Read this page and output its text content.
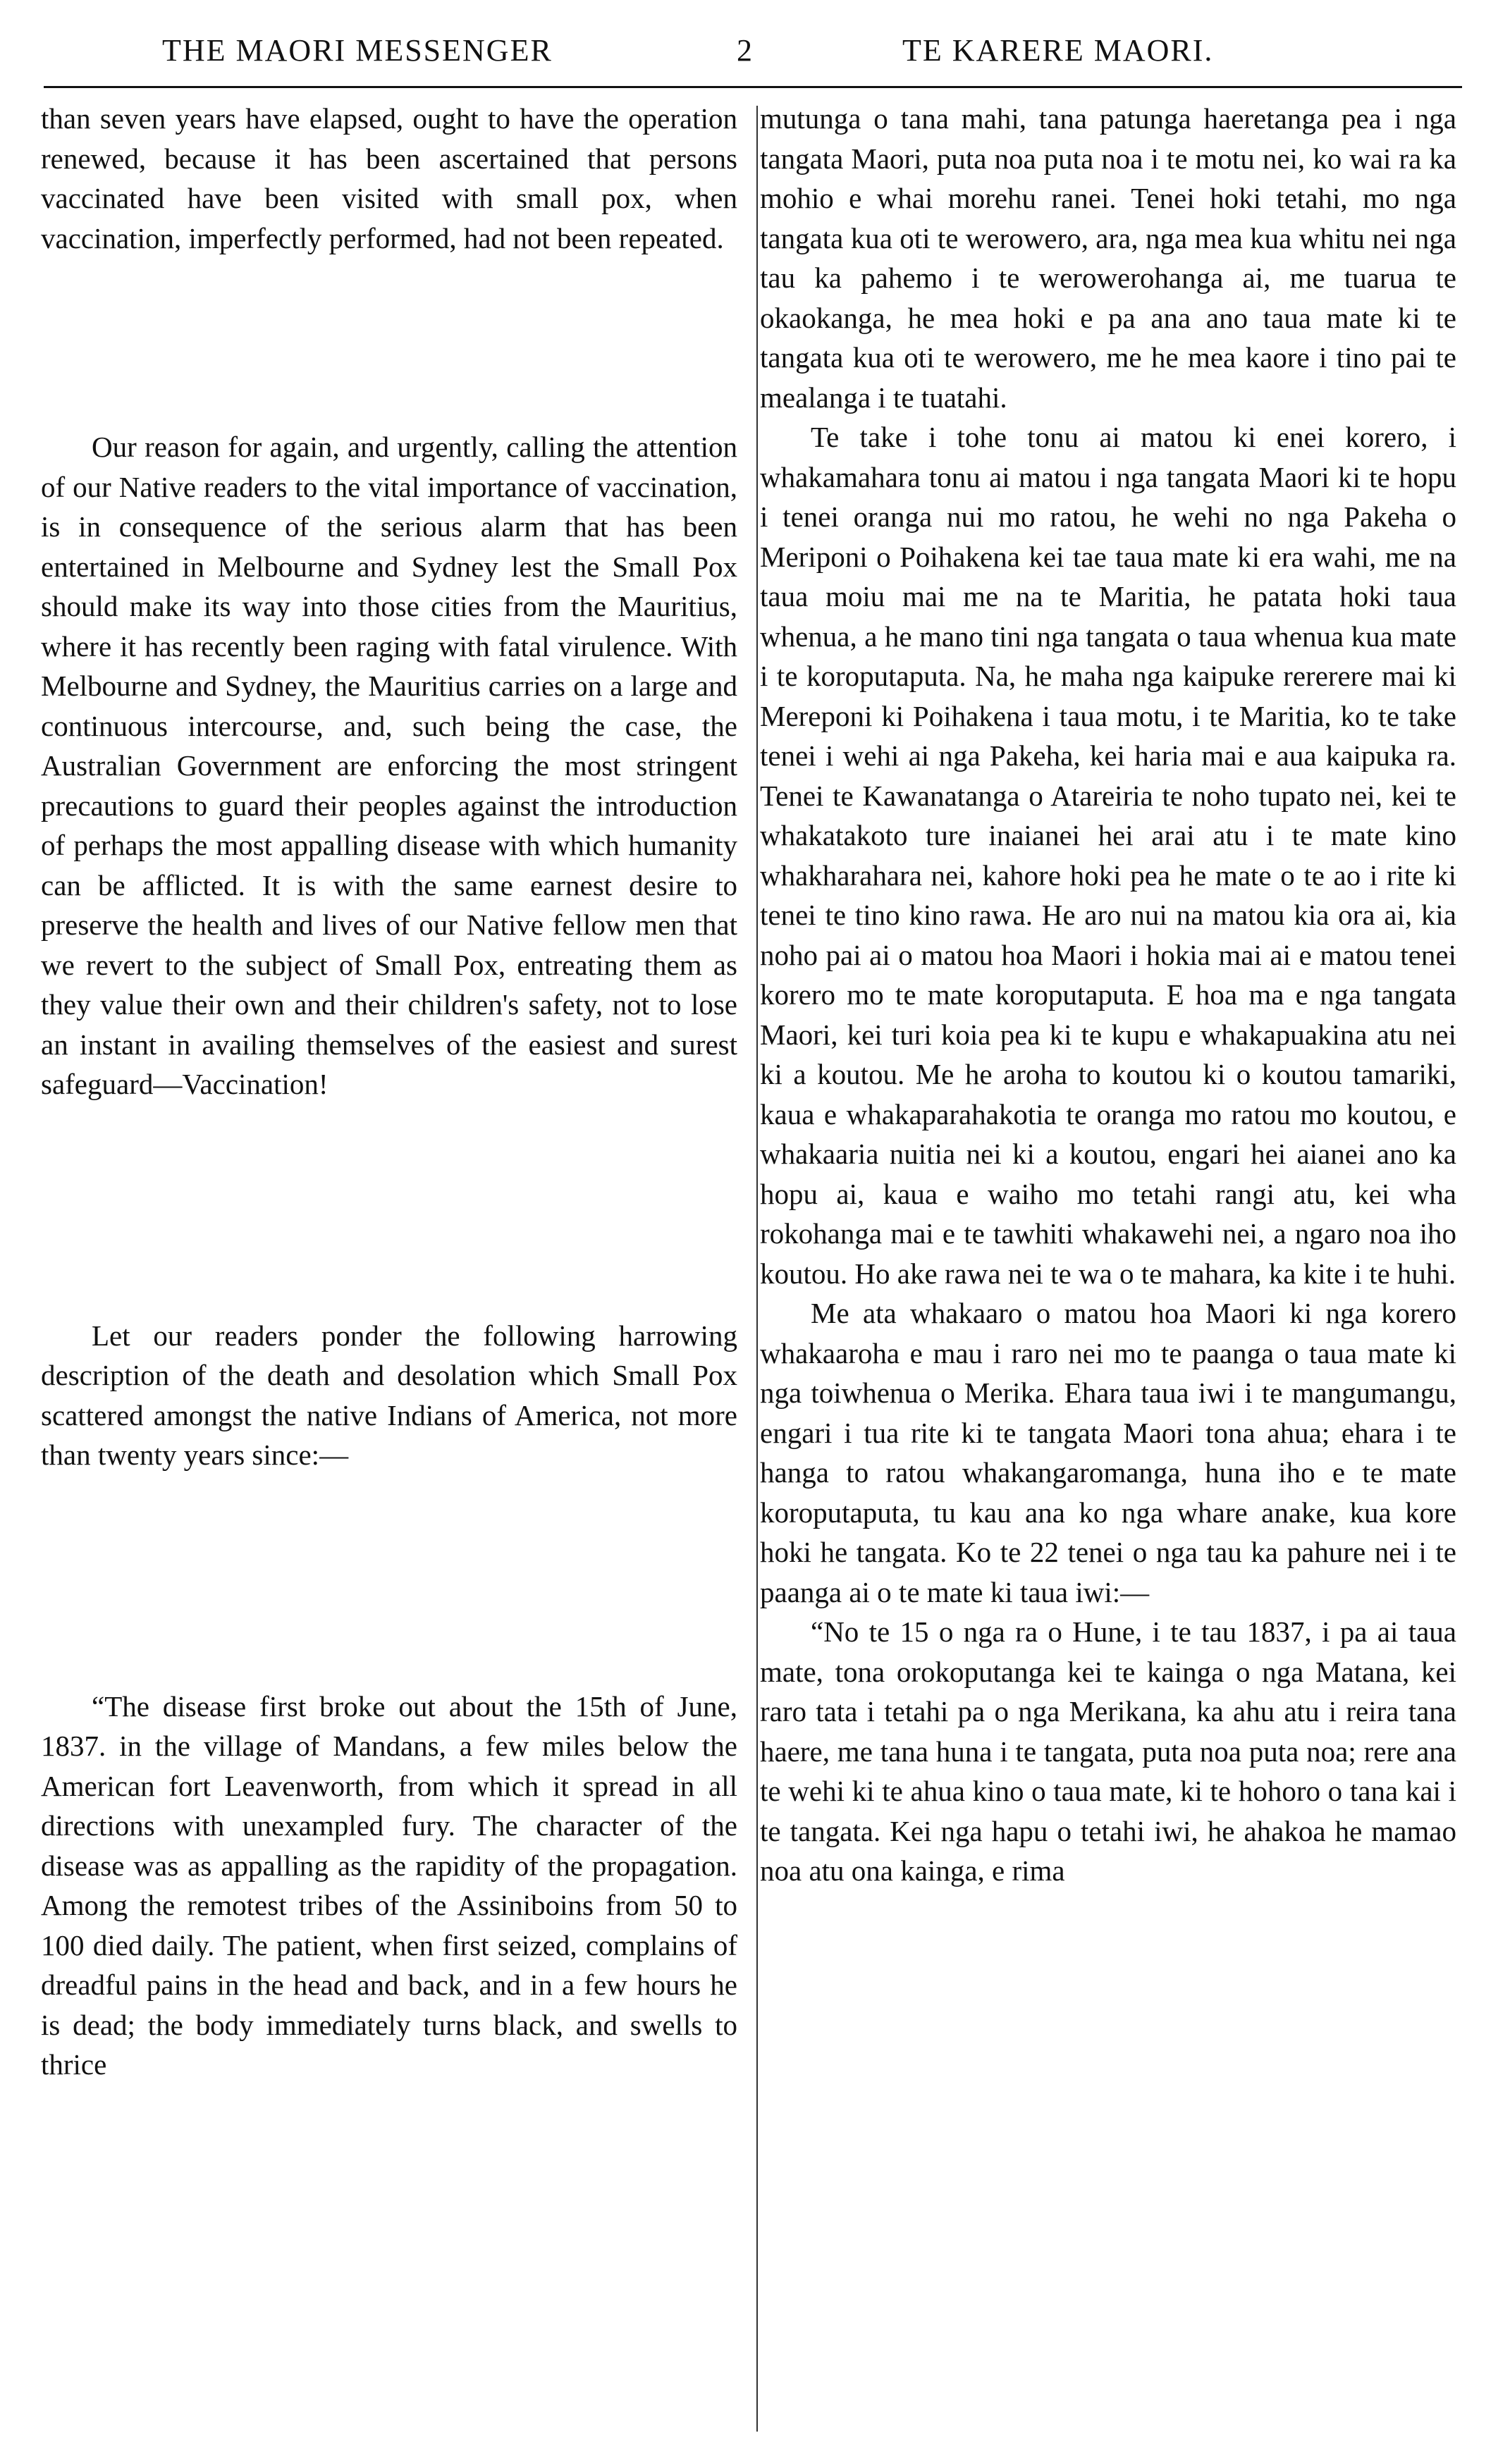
THE MAORI MESSENGER	2	TE KARERE MAORI.

than seven years have elapsed, ought to have the operation renewed, because it has been ascertained that persons vaccinated have been visited with small pox, when vaccination, imperfectly performed, had not been repeated.

Our reason for again, and urgently, calling the attention of our Native readers to the vital importance of vaccination, is in consequence of the serious alarm that has been entertained in Melbourne and Sydney lest the Small Pox should make its way into those cities from the Mauritius, where it has recently been raging with fatal virulence. With Melbourne and Sydney, the Mauritius carries on a large and continuous intercourse, and, such being the case, the Australian Government are enforcing the most stringent precautions to guard their peoples against the introduction of perhaps the most appalling disease with which humanity can be afflicted. It is with the same earnest desire to preserve the health and lives of our Native fellow men that we revert to the subject of Small Pox, entreating them as they value their own and their children's safety, not to lose an instant in availing themselves of the easiest and surest safeguard—Vaccination!

Let our readers ponder the following harrowing description of the death and desolation which Small Pox scattered amongst the native Indians of America, not more than twenty years since:—

“The disease first broke out about the 15th of June, 1837. in the village of Mandans, a few miles below the American fort Leavenworth, from which it spread in all directions with unexampled fury. The character of the disease was as appalling as the rapidity of the propagation. Among the remotest tribes of the Assiniboins from 50 to 100 died daily. The patient, when first seized, complains of dreadful pains in the head and back, and in a few hours he is dead; the body immediately turns black, and swells to thrice

mutunga o tana mahi, tana patunga haeretanga pea i nga tangata Maori, puta noa puta noa i te motu nei, ko wai ra ka mohio e whai morehu ranei. Tenei hoki tetahi, mo nga tangata kua oti te werowero, ara, nga mea kua whitu nei nga tau ka pahemo i te werowerohanga ai, me tuarua te okaokanga, he mea hoki e pa ana ano taua mate ki te tangata kua oti te werowero, me he mea kaore i tino pai te mealanga i te tuatahi.

Te take i tohe tonu ai matou ki enei korero, i whakamahara tonu ai matou i nga tangata Maori ki te hopu i tenei oranga nui mo ratou, he wehi no nga Pakeha o Meriponi o Poihakena kei tae taua mate ki era wahi, me na taua moiu mai me na te Maritia, he patata hoki taua whenua, a he mano tini nga tangata o taua whenua kua mate i te koroputaputa. Na, he maha nga kaipuke rererere mai ki Mereponi ki Poihakena i taua motu, i te Maritia, ko te take tenei i wehi ai nga Pakeha, kei haria mai e aua kaipuka ra. Tenei te Kawanatanga o Atareiria te noho tupato nei, kei te whakatakoto ture inaianei hei arai atu i te mate kino whakharahara nei, kahore hoki pea he mate o te ao i rite ki tenei te tino kino rawa. He aro nui na matou kia ora ai, kia noho pai ai o matou hoa Maori i hokia mai ai e matou tenei korero mo te mate koroputaputa. E hoa ma e nga tangata Maori, kei turi koia pea ki te kupu e whakapuakina atu nei ki a koutou. Me he aroha to koutou ki o koutou tamariki, kaua e whakaparahakotia te oranga mo ratou mo koutou, e whakaaria nuitia nei ki a koutou, engari hei aianei ano ka hopu ai, kaua e waiho mo tetahi rangi atu, kei wha rokohanga mai e te tawhiti whakawehi nei, a ngaro noa iho koutou. Ho ake rawa nei te wa o te mahara, ka kite i te huhi.

Me ata whakaaro o matou hoa Maori ki nga korero whakaaroha e mau i raro nei mo te paanga o taua mate ki nga toiwhenua o Merika. Ehara taua iwi i te mangumangu, engari i tua rite ki te tangata Maori tona ahua; ehara i te hanga to ratou whakangaromanga, huna iho e te mate koroputaputa, tu kau ana ko nga whare anake, kua kore hoki he tangata. Ko te 22 tenei o nga tau ka pahure nei i te paanga ai o te mate ki taua iwi:—

“No te 15 o nga ra o Hune, i te tau 1837, i pa ai taua mate, tona orokoputanga kei te kainga o nga Matana, kei raro tata i tetahi pa o nga Merikana, ka ahu atu i reira tana haere, me tana huna i te tangata, puta noa puta noa; rere ana te wehi ki te ahua kino o taua mate, ki te hohoro o tana kai i te tangata. Kei nga hapu o tetahi iwi, he ahakoa he mamao noa atu ona kainga, e rima
